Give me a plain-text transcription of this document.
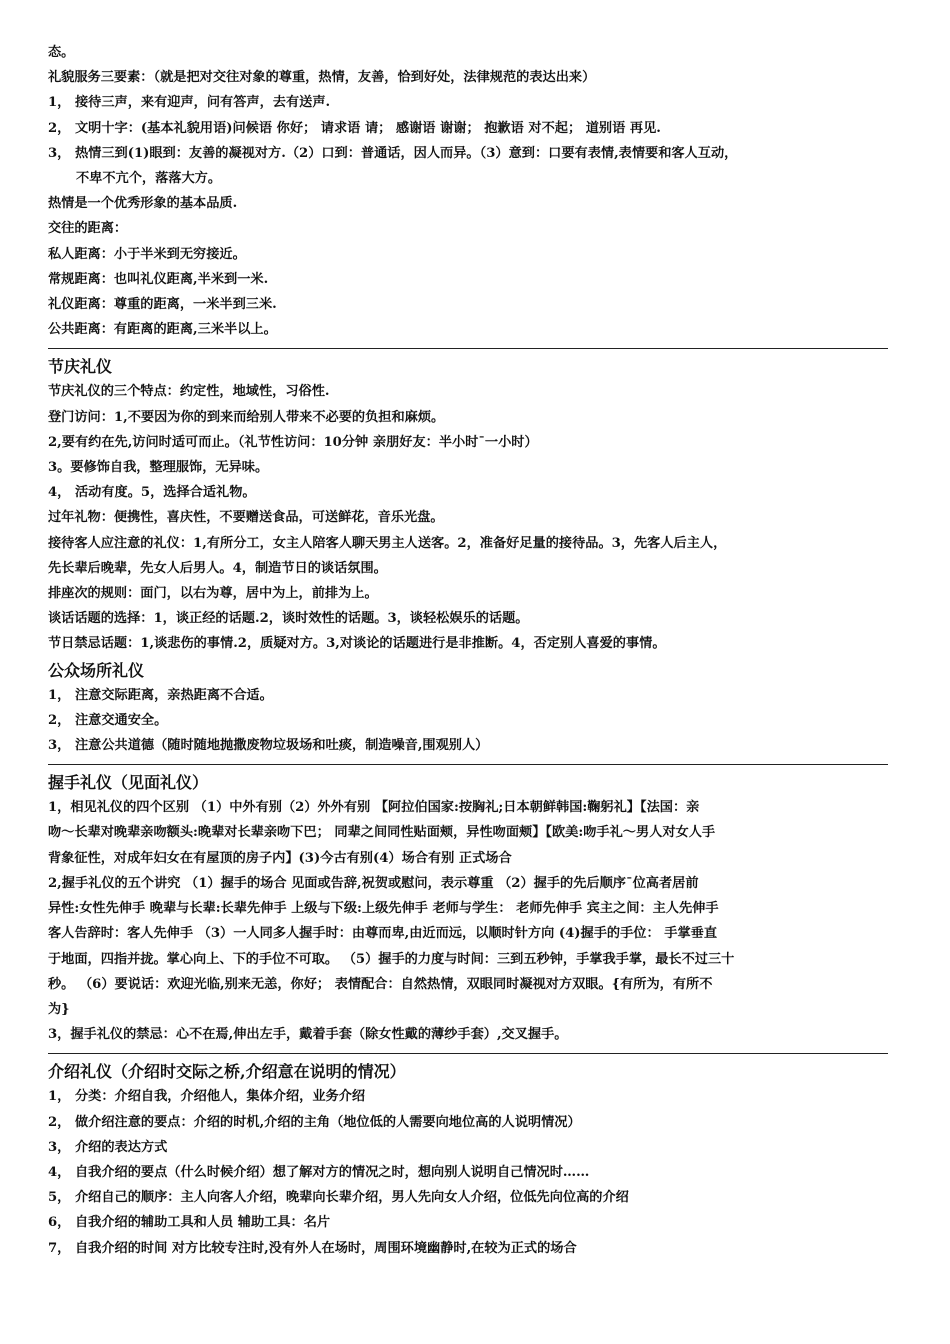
态。
礼貌服务三要素：（就是把对交往对象的尊重，热情，友善，恰到好处，法律规范的表达出来）
1， 接待三声，来有迎声，问有答声，去有送声.
2， 文明十字：(基本礼貌用语)问候语 你好； 请求语 请； 感谢语 谢谢； 抱歉语 对不起； 道别语 再见.
3， 热情三到(1)眼到：友善的凝视对方.（2）口到：普通话，因人而异。（3）意到：口要有表情,表情要和客人互动，
不卑不亢个，落落大方。
热情是一个优秀形象的基本品质.
交往的距离：
私人距离：小于半米到无穷接近。
常规距离：也叫礼仪距离,半米到一米.
礼仪距离：尊重的距离，一米半到三米.
公共距离：有距离的距离,三米半以上。
节庆礼仪
节庆礼仪的三个特点：约定性，地域性，习俗性.
登门访问：1,不要因为你的到来而给别人带来不必要的负担和麻烦。
2,要有约在先,访问时适可而止。（礼节性访问：10分钟 亲朋好友：半小时¯一小时）
3。要修饰自我，整理服饰，无异味。
4， 活动有度。5，选择合适礼物。
过年礼物：便携性，喜庆性，不要赠送食品，可送鲜花，音乐光盘。
接待客人应注意的礼仪：1,有所分工，女主人陪客人聊天男主人送客。2，准备好足量的接待品。3，先客人后主人，
先长辈后晚辈，先女人后男人。4，制造节日的谈话氛围。
排座次的规则：面门，以右为尊，居中为上，前排为上。
谈话话题的选择：1，谈正经的话题.2，谈时效性的话题。3，谈轻松娱乐的话题。
节日禁忌话题：1,谈悲伤的事情.2，质疑对方。3,对谈论的话题进行是非推断。4，否定别人喜爱的事情。
公众场所礼仪
1， 注意交际距离，亲热距离不合适。
2， 注意交通安全。
3， 注意公共道德（随时随地抛撒废物垃圾场和吐痰，制造噪音,围观别人）
握手礼仪（见面礼仪）
1，相见礼仪的四个区别 （1）中外有别（2）外外有别 【阿拉伯国家:按胸礼;日本朝鲜韩国:鞠躬礼】【法国：亲
吻～长辈对晚辈亲吻额头:晚辈对长辈亲吻下巴； 同辈之间同性贴面颊，异性吻面颊】【欧美:吻手礼～男人对女人手
背象征性，对成年妇女在有屋顶的房子内】(3)今古有别(4）场合有别 正式场合
2,握手礼仪的五个讲究 （1）握手的场合 见面或告辞,祝贺或慰问，表示尊重 （2）握手的先后顺序¯位高者居前
异性:女性先伸手 晚辈与长辈:长辈先伸手 上级与下级:上级先伸手 老师与学生： 老师先伸手 宾主之间：主人先伸手
客人告辞时：客人先伸手 （3）一人同多人握手时：由尊而卑,由近而远，以顺时针方向 (4)握手的手位： 手掌垂直
于地面，四指并拢。掌心向上、下的手位不可取。 （5）握手的力度与时间：三到五秒钟，手掌我手掌，最长不过三十
秒。 （6）要说话：欢迎光临,别来无恙，你好； 表情配合：自然热情，双眼同时凝视对方双眼。{有所为，有所不
为}
3，握手礼仪的禁忌：心不在焉,伸出左手，戴着手套（除女性戴的薄纱手套）,交叉握手。
介绍礼仪（介绍时交际之桥,介绍意在说明的情况）
1， 分类：介绍自我，介绍他人，集体介绍，业务介绍
2， 做介绍注意的要点：介绍的时机,介绍的主角（地位低的人需要向地位高的人说明情况）
3， 介绍的表达方式
4， 自我介绍的要点（什么时候介绍）想了解对方的情况之时，想向别人说明自己情况时……
5， 介绍自己的顺序：主人向客人介绍，晚辈向长辈介绍，男人先向女人介绍，位低先向位高的介绍
6， 自我介绍的辅助工具和人员 辅助工具：名片
7， 自我介绍的时间 对方比较专注时,没有外人在场时，周围环境幽静时,在较为正式的场合
